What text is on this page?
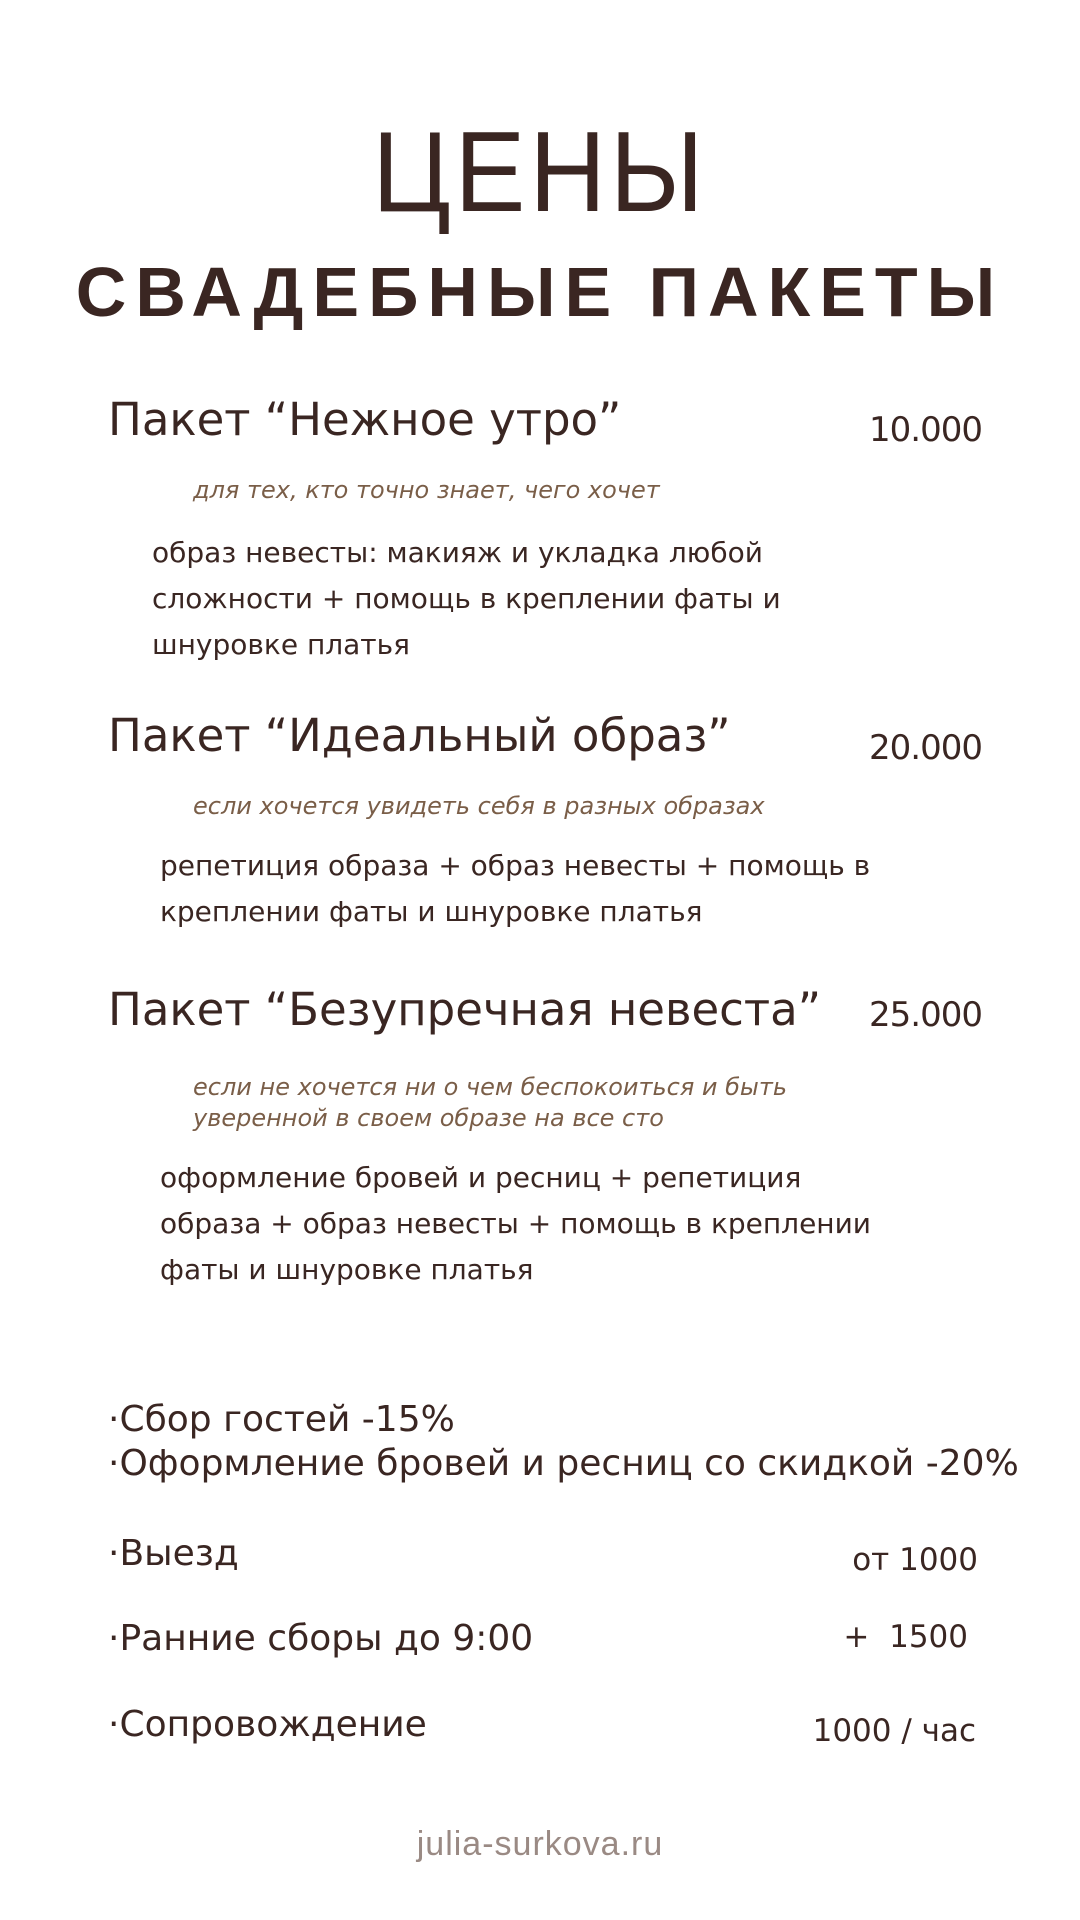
ЦЕНЫ
СВАДЕБНЫЕ ПАКЕТЫ
Пакет “Нежное утро”	10.000
для тех, кто точно знает, чего хочет
образ невесты: макияж и укладка любой
сложности + помощь в креплении фаты и
шнуровке платья
Пакет “Идеальный образ”	20.000
если хочется увидеть себя в разных образах
репетиция образа + образ невесты + помощь в
креплении фаты и шнуровке платья
Пакет “Безупречная невеста” 25.000
если не хочется ни о чем беспокоиться и быть
уверенной в своем образе на все сто
оформление бровей и ресниц + репетиция
образа + образ невесты + помощь в креплении
фаты и шнуровке платья
·Сбор гостей -15%
·Оформление бровей и ресниц со скидкой -20%
·Выезд	от 1000
·Ранние сборы до 9:00	+  1500
·Сопровождение	1000 / час
julia-surkova.ru
